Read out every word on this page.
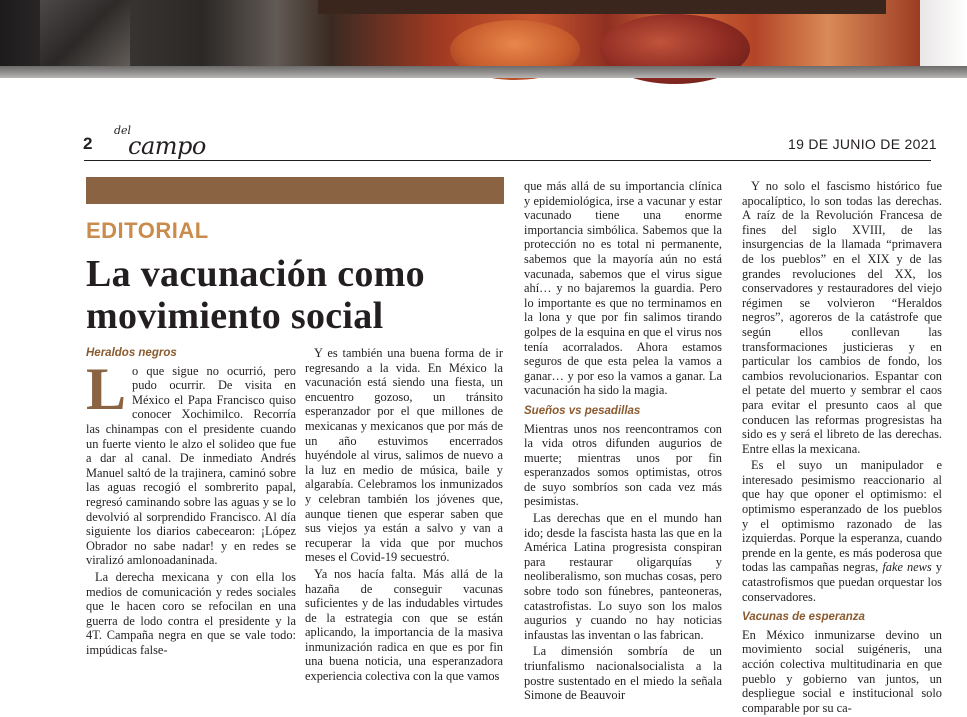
2
del
campo	19 DE JUNIO DE 2021
EDITORIAL
La vacunación como
movimiento social
Heraldos negros
L o que sigue no ocurrió, pero pudo ocurrir. De visita en México el Papa Francisco quiso conocer Xochimilco. Recorría las chinampas con el presidente cuando un fuerte viento le alzo el solideo que fue a dar al canal. De inmediato Andrés Manuel saltó de la trajinera, caminó sobre las aguas recogió el sombrerito papal, regresó caminando sobre las aguas y se lo devolvió al sorprendido Francisco. Al día siguiente los diarios cabecearon: ¡López Obrador no sabe nadar! y en redes se viralizó amlonoadaninada.

La derecha mexicana y con ella los medios de comunicación y redes sociales que le hacen coro se refocilan en una guerra de lodo contra el presidente y la 4T. Campaña negra en que se vale todo: impúdicas false-

Y es también una buena forma de ir regresando a la vida. En México la vacunación está siendo una fiesta, un encuentro gozoso, un tránsito esperanzador por el que millones de mexicanas y mexicanos que por más de un año estuvimos encerrados huyéndole al virus, salimos de nuevo a la luz en medio de música, baile y algarabía. Celebramos los inmunizados y celebran también los jóvenes que, aunque tienen que esperar saben que sus viejos ya están a salvo y van a recuperar la vida que por muchos meses el Covid-19 secuestró.

Ya nos hacía falta. Más allá de la hazaña de conseguir vacunas suficientes y de las indudables virtudes de la estrategia con que se están aplicando, la importancia de la masiva inmunización radica en que es por fin una buena noticia, una esperanzadora experiencia colectiva con la que vamos

que más allá de su importancia clínica y epidemiológica, irse a vacunar y estar vacunado tiene una enorme importancia simbólica. Sabemos que la protección no es total ni permanente, sabemos que la mayoría aún no está vacunada, sabemos que el virus sigue ahí… y no bajaremos la guardia. Pero lo importante es que no terminamos en la lona y que por fin salimos tirando golpes de la esquina en que el virus nos tenía acorralados. Ahora estamos seguros de que esta pelea la vamos a ganar… y por eso la vamos a ganar. La vacunación ha sido la magia.

Sueños vs pesadillas

Mientras unos nos reencontramos con la vida otros difunden augurios de muerte; mientras unos por fin esperanzados somos optimistas, otros de suyo sombríos son cada vez más pesimistas.

Las derechas que en el mundo han ido; desde la fascista hasta las que en la América Latina progresista conspiran para restaurar oligarquías y neoliberalismo, son muchas cosas, pero sobre todo son fúnebres, panteoneras, catastrofistas. Lo suyo son los malos augurios y cuando no hay noticias infaustas las inventan o las fabrican.

La dimensión sombría de un triunfalismo nacionalsocialista a la postre sustentado en el miedo la señala Simone de Beauvoir

Y no solo el fascismo histórico fue apocalíptico, lo son todas las derechas. A raíz de la Revolución Francesa de fines del siglo XVIII, de las insurgencias de la llamada “primavera de los pueblos” en el XIX y de las grandes revoluciones del XX, los conservadores y restauradores del viejo régimen se volvieron “Heraldos negros”, agoreros de la catástrofe que según ellos conllevan las transformaciones justicieras y en particular los cambios de fondo, los cambios revolucionarios. Espantar con el petate del muerto y sembrar el caos para evitar el presunto caos al que conducen las reformas progresistas ha sido es y será el libreto de las derechas. Entre ellas la mexicana.

Es el suyo un manipulador e interesado pesimismo reaccionario al que hay que oponer el optimismo: el optimismo esperanzado de los pueblos y el optimismo razonado de las izquierdas. Porque la esperanza, cuando prende en la gente, es más poderosa que todas las campañas negras, fake news y catastrofismos que puedan orquestar los conservadores.

Vacunas de esperanza

En México inmunizarse devino un movimiento social suigéneris, una acción colectiva multitudinaria en que pueblo y gobierno van juntos, un despliegue social e institucional solo comparable por su ca-
